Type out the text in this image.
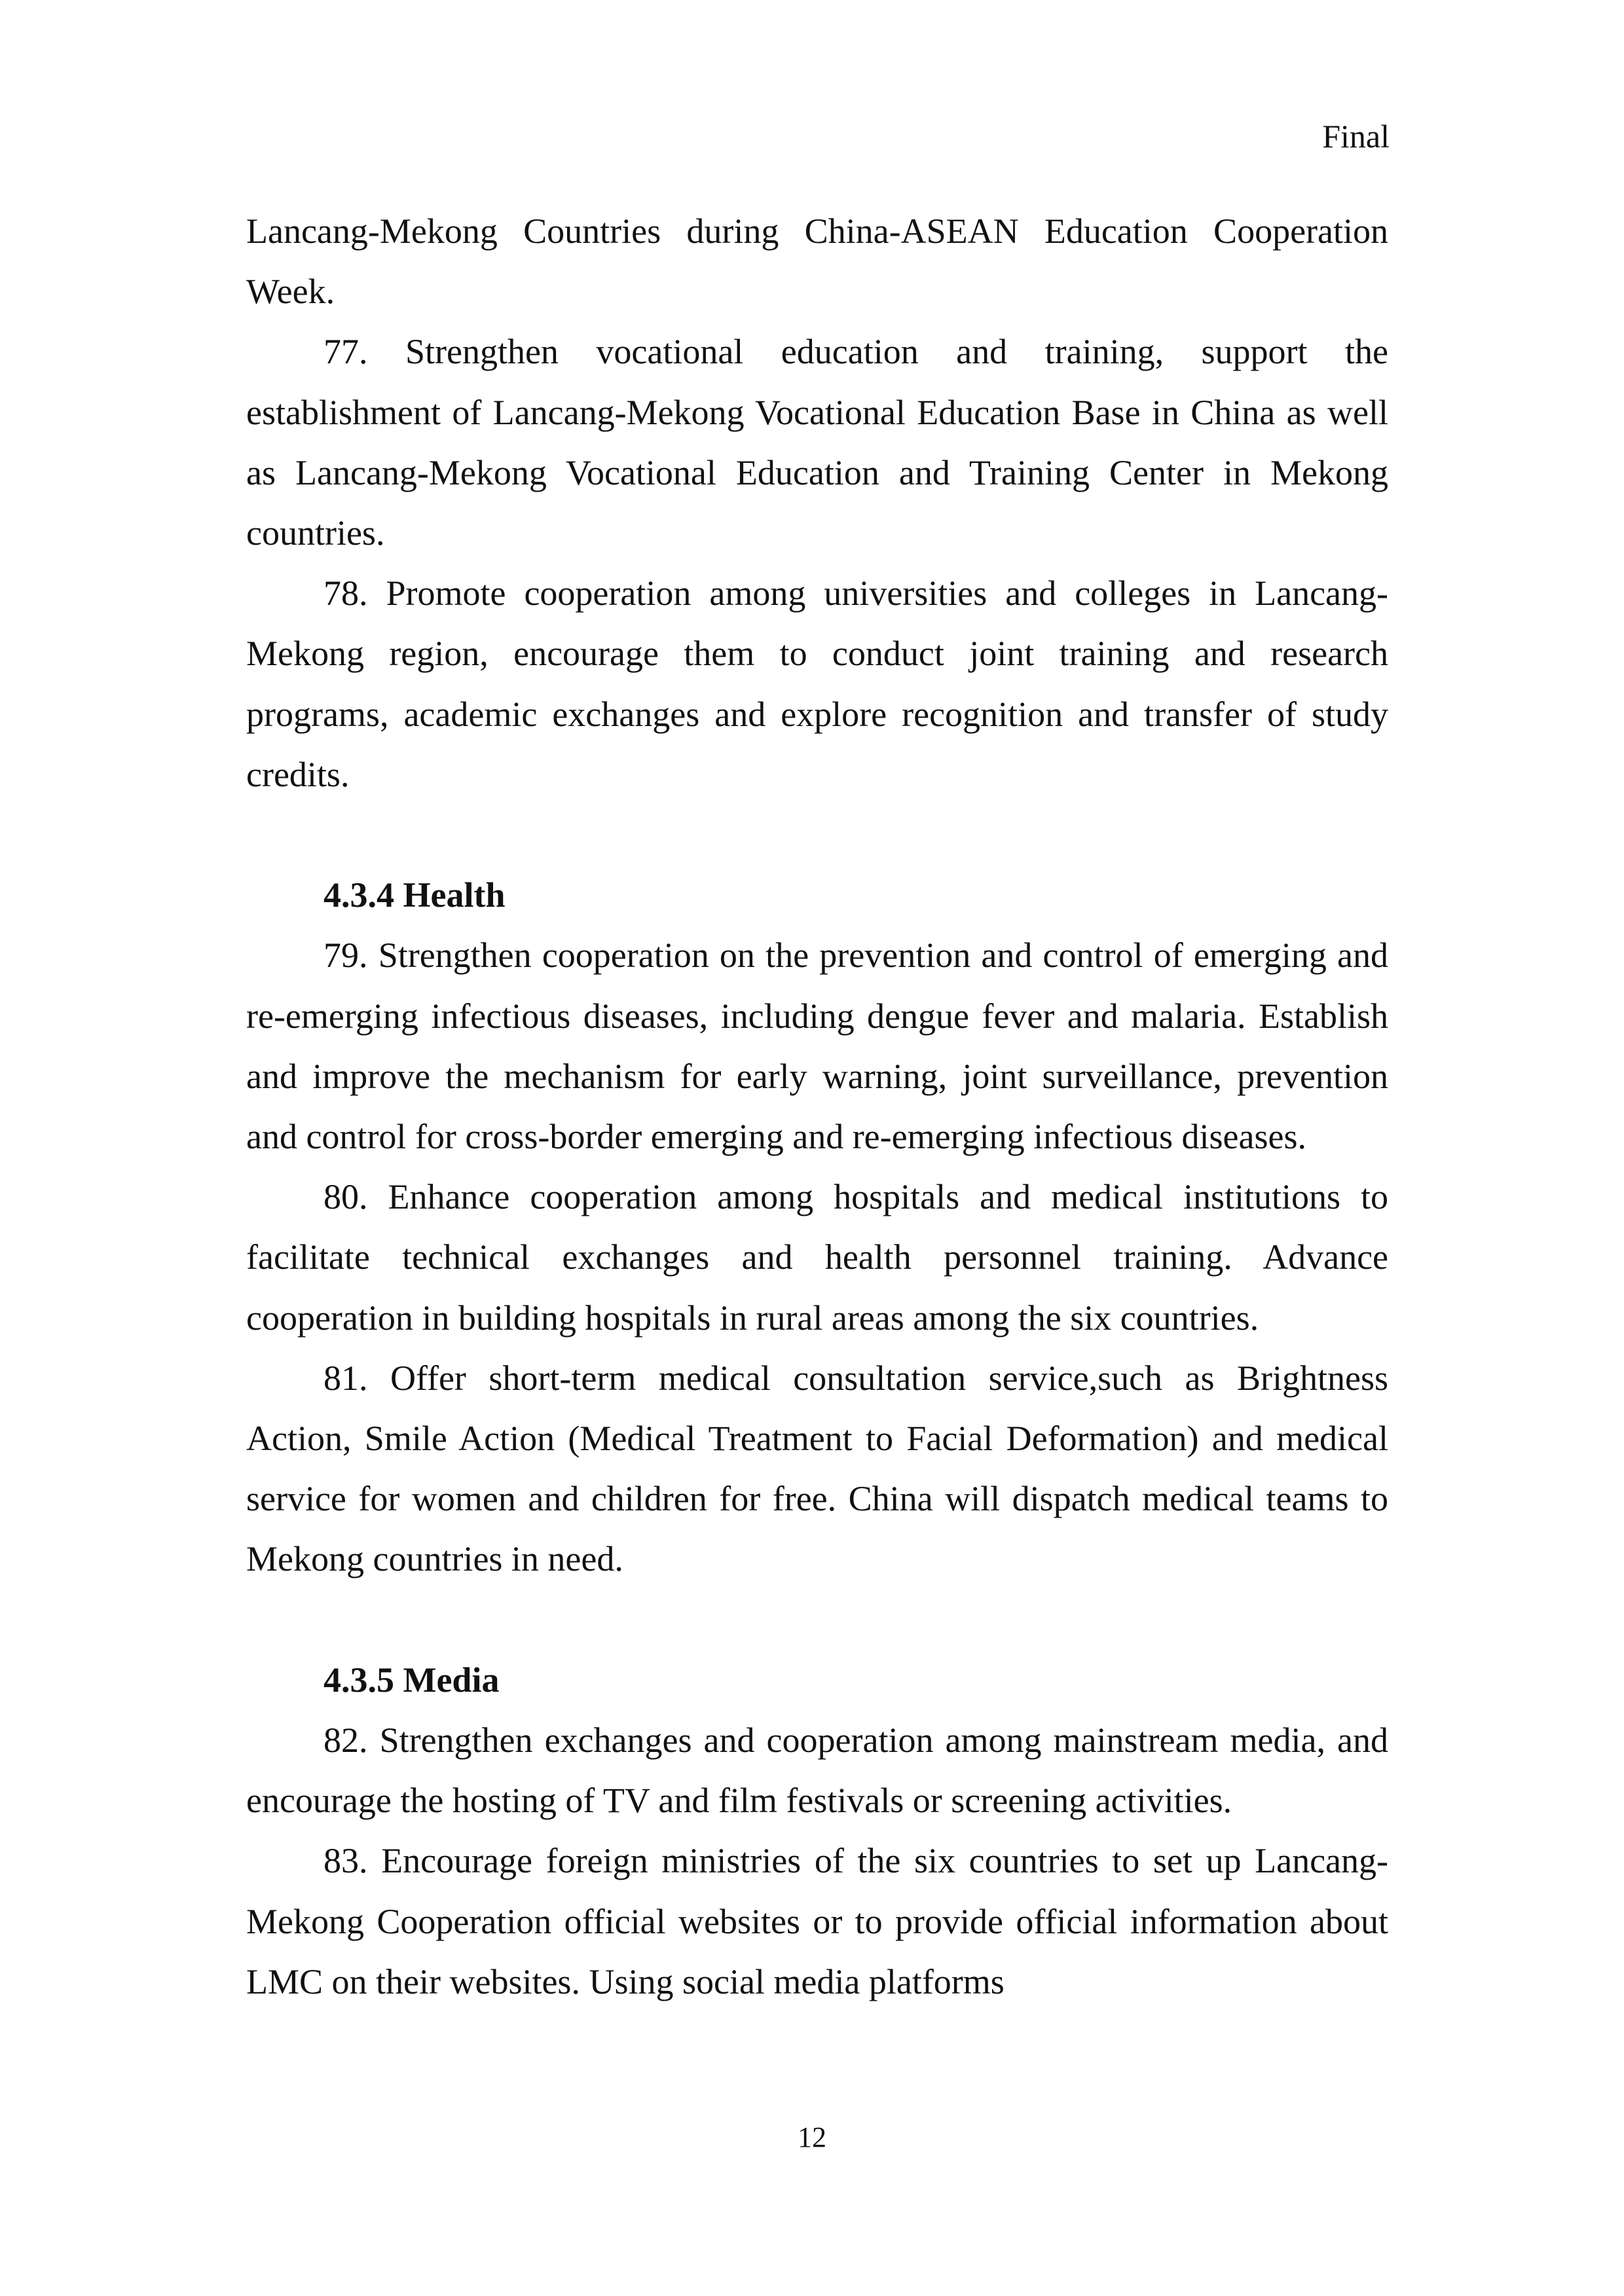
Final

Lancang-Mekong Countries during China-ASEAN Education Cooperation Week.

77. Strengthen vocational education and training, support the establishment of Lancang-Mekong Vocational Education Base in China as well as Lancang-Mekong Vocational Education and Training Center in Mekong countries.

78. Promote cooperation among universities and colleges in Lancang-Mekong region, encourage them to conduct joint training and research programs, academic exchanges and explore recognition and transfer of study credits.

4.3.4 Health

79. Strengthen cooperation on the prevention and control of emerging and re-emerging infectious diseases, including dengue fever and malaria. Establish and improve the mechanism for early warning, joint surveillance, prevention and control for cross-border emerging and re-emerging infectious diseases.

80. Enhance cooperation among hospitals and medical institutions to facilitate technical exchanges and health personnel training. Advance cooperation in building hospitals in rural areas among the six countries.

81. Offer short-term medical consultation service,such as Brightness Action, Smile Action (Medical Treatment to Facial Deformation) and medical service for women and children for free. China will dispatch medical teams to Mekong countries in need.

4.3.5 Media

82. Strengthen exchanges and cooperation among mainstream media, and encourage the hosting of TV and film festivals or screening activities.

83. Encourage foreign ministries of the six countries to set up Lancang-Mekong Cooperation official websites or to provide official information about LMC on their websites. Using social media platforms

12
